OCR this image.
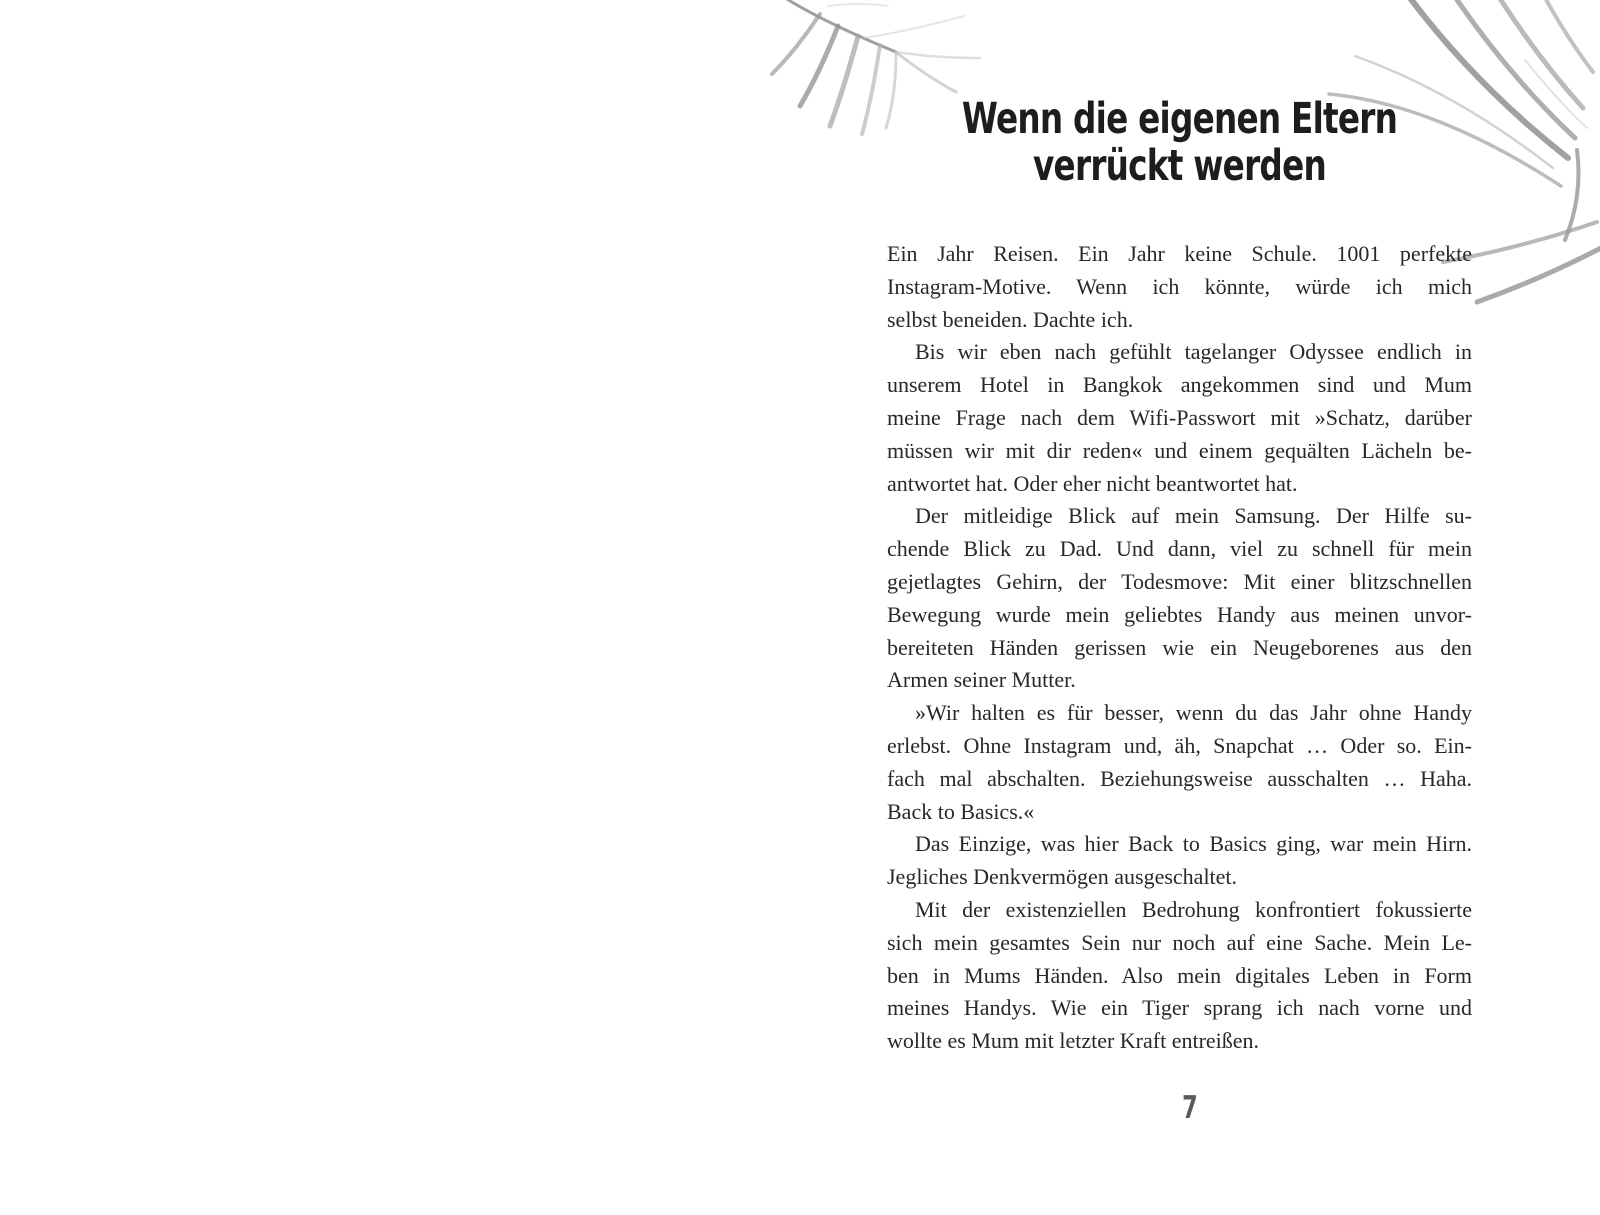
Wenn die eigenen Eltern
verrückt werden
Ein Jahr Reisen. Ein Jahr keine Schule. 1001 perfekte
Instagram-Motive. Wenn ich könnte, würde ich mich
selbst beneiden. Dachte ich.
Bis wir eben nach gefühlt tagelanger Odyssee endlich in
unserem Hotel in Bangkok angekommen sind und Mum
meine Frage nach dem Wifi-Passwort mit »Schatz, darüber
müssen wir mit dir reden« und einem gequälten Lächeln be-
antwortet hat. Oder eher nicht beantwortet hat.
Der mitleidige Blick auf mein Samsung. Der Hilfe su-
chende Blick zu Dad. Und dann, viel zu schnell für mein
gejetlagtes Gehirn, der Todesmove: Mit einer blitzschnellen
Bewegung wurde mein geliebtes Handy aus meinen unvor-
bereiteten Händen gerissen wie ein Neugeborenes aus den
Armen seiner Mutter.
»Wir halten es für besser, wenn du das Jahr ohne Handy
erlebst. Ohne Instagram und, äh, Snapchat … Oder so. Ein-
fach mal abschalten. Beziehungsweise ausschalten … Haha.
Back to Basics.«
Das Einzige, was hier Back to Basics ging, war mein Hirn.
Jegliches Denkvermögen ausgeschaltet.
Mit der existenziellen Bedrohung konfrontiert fokussierte
sich mein gesamtes Sein nur noch auf eine Sache. Mein Le-
ben in Mums Händen. Also mein digitales Leben in Form
meines Handys. Wie ein Tiger sprang ich nach vorne und
wollte es Mum mit letzter Kraft entreißen.
7
